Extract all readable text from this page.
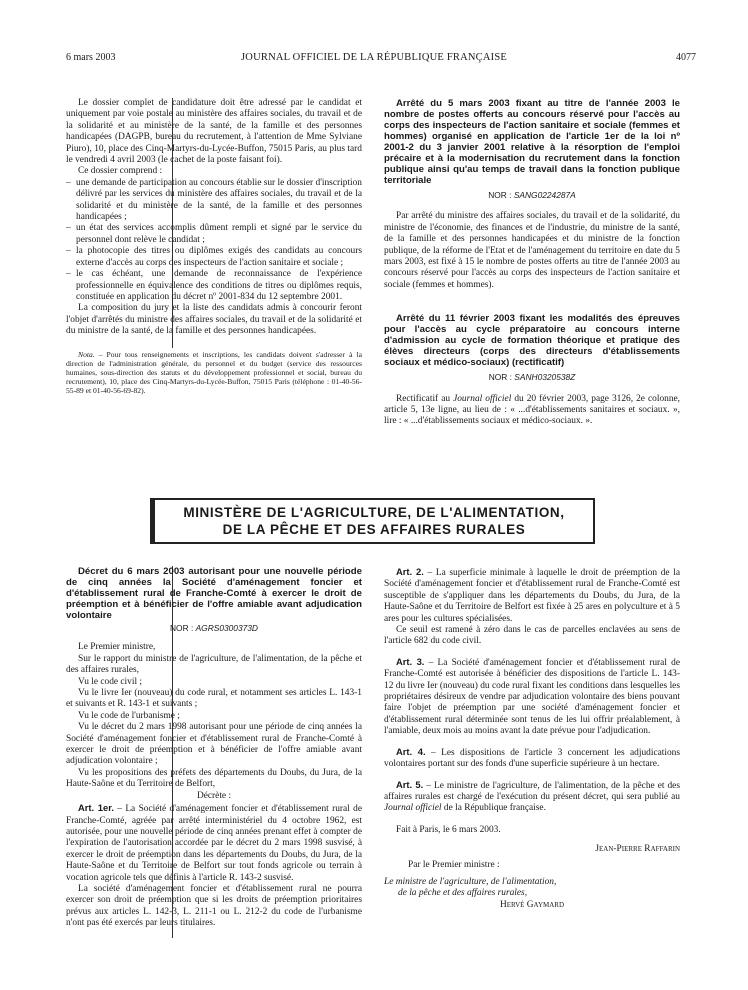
6 mars 2003	JOURNAL OFFICIEL DE LA RÉPUBLIQUE FRANÇAISE	4077

Le dossier complet de candidature doit être adressé par le candidat et uniquement par voie postale au ministère des affaires sociales, du travail et de la solidarité et au ministère de la santé, de la famille et des personnes handicapées (DAGPB, bureau du recrutement, à l'attention de Mme Sylviane Piuro), 10, place des Cinq-Martyrs-du-Lycée-Buffon, 75015 Paris, au plus tard le vendredi 4 avril 2003 (le cachet de la poste faisant foi).

Ce dossier comprend :

– une demande de participation au concours établie sur le dossier d'inscription délivré par les services du ministère des affaires sociales, du travail et de la solidarité et du ministère de la santé, de la famille et des personnes handicapées ;
– un état des services accomplis dûment rempli et signé par le service du personnel dont relève le candidat ;
– la photocopie des titres ou diplômes exigés des candidats au concours externe d'accès au corps des inspecteurs de l'action sanitaire et sociale ;
– le cas échéant, une demande de reconnaissance de l'expérience professionnelle en équivalence des conditions de titres ou diplômes requis, constituée en application du décret nº 2001-834 du 12 septembre 2001.

La composition du jury et la liste des candidats admis à concourir feront l'objet d'arrêtés du ministre des affaires sociales, du travail et de la solidarité et du ministre de la santé, de la famille et des personnes handicapées.

Nota. – Pour tous renseignements et inscriptions, les candidats doivent s'adresser à la direction de l'administration générale, du personnel et du budget (service des ressources humaines, sous-direction des statuts et du développement professionnel et social, bureau du recrutement), 10, place des Cinq-Martyrs-du-Lycée-Buffon, 75015 Paris (téléphone : 01-40-56-55-89 et 01-40-56-69-82).

Arrêté du 5 mars 2003 fixant au titre de l'année 2003 le nombre de postes offerts au concours réservé pour l'accès au corps des inspecteurs de l'action sanitaire et sociale (femmes et hommes) organisé en application de l'article 1er de la loi nº 2001-2 du 3 janvier 2001 relative à la résorption de l'emploi précaire et à la modernisation du recrutement dans la fonction publique ainsi qu'au temps de travail dans la fonction publique territoriale

NOR : SANG0224287A

Par arrêté du ministre des affaires sociales, du travail et de la solidarité, du ministre de l'économie, des finances et de l'industrie, du ministre de la santé, de la famille et des personnes handicapées et du ministre de la fonction publique, de la réforme de l'Etat et de l'aménagement du territoire en date du 5 mars 2003, est fixé à 15 le nombre de postes offerts au titre de l'année 2003 au concours réservé pour l'accès au corps des inspecteurs de l'action sanitaire et sociale (femmes et hommes).

Arrêté du 11 février 2003 fixant les modalités des épreuves pour l'accès au cycle préparatoire au concours interne d'admission au cycle de formation théorique et pratique des élèves directeurs (corps des directeurs d'établissements sociaux et médico-sociaux) (rectificatif)

NOR : SANH0320538Z

Rectificatif au Journal officiel du 20 février 2003, page 3126, 2e colonne, article 5, 13e ligne, au lieu de : « ...d'établissements sanitaires et sociaux. », lire : « ...d'établissements sociaux et médico-sociaux. ».

MINISTÈRE DE L'AGRICULTURE, DE L'ALIMENTATION,
DE LA PÊCHE ET DES AFFAIRES RURALES

Décret du 6 mars 2003 autorisant pour une nouvelle période de cinq années la Société d'aménagement foncier et d'établissement rural de Franche-Comté à exercer le droit de préemption et à bénéficier de l'offre amiable avant adjudication volontaire

NOR : AGRS0300373D

Le Premier ministre,

Sur le rapport du ministre de l'agriculture, de l'alimentation, de la pêche et des affaires rurales,

Vu le code civil ;

Vu le livre Ier (nouveau) du code rural, et notamment ses articles L. 143-1 et suivants et R. 143-1 et suivants ;

Vu le code de l'urbanisme ;

Vu le décret du 2 mars 1998 autorisant pour une période de cinq années la Société d'aménagement foncier et d'établissement rural de Franche-Comté à exercer le droit de préemption et à bénéficier de l'offre amiable avant adjudication volontaire ;

Vu les propositions des préfets des départements du Doubs, du Jura, de la Haute-Saône et du Territoire de Belfort,

Décrète :

Art. 1er. – La Société d'aménagement foncier et d'établissement rural de Franche-Comté, agréée par arrêté interministériel du 4 octobre 1962, est autorisée, pour une nouvelle période de cinq années prenant effet à compter de l'expiration de l'autorisation accordée par le décret du 2 mars 1998 susvisé, à exercer le droit de préemption dans les départements du Doubs, du Jura, de la Haute-Saône et du Territoire de Belfort sur tout fonds agricole ou terrain à vocation agricole tels que définis à l'article R. 143-2 susvisé.

La société d'aménagement foncier et d'établissement rural ne pourra exercer son droit de préemption que si les droits de préemption prioritaires prévus aux articles L. 142-3, L. 211-1 ou L. 212-2 du code de l'urbanisme n'ont pas été exercés par leurs titulaires.

Art. 2. – La superficie minimale à laquelle le droit de préemption de la Société d'aménagement foncier et d'établissement rural de Franche-Comté est susceptible de s'appliquer dans les départements du Doubs, du Jura, de la Haute-Saône et du Territoire de Belfort est fixée à 25 ares en polyculture et à 5 ares pour les cultures spécialisées.

Ce seuil est ramené à zéro dans le cas de parcelles enclavées au sens de l'article 682 du code civil.

Art. 3. – La Société d'aménagement foncier et d'établissement rural de Franche-Comté est autorisée à bénéficier des dispositions de l'article L. 143-12 du livre Ier (nouveau) du code rural fixant les conditions dans lesquelles les propriétaires désireux de vendre par adjudication volontaire des biens pouvant faire l'objet de préemption par une société d'aménagement foncier et d'établissement rural déterminée sont tenus de les lui offrir préalablement, à l'amiable, deux mois au moins avant la date prévue pour l'adjudication.

Art. 4. – Les dispositions de l'article 3 concernent les adjudications volontaires portant sur des fonds d'une superficie supérieure à un hectare.

Art. 5. – Le ministre de l'agriculture, de l'alimentation, de la pêche et des affaires rurales est chargé de l'exécution du présent décret, qui sera publié au Journal officiel de la République française.

Fait à Paris, le 6 mars 2003.

Jean-Pierre Raffarin

Par le Premier ministre :

Le ministre de l'agriculture, de l'alimentation,

de la pêche et des affaires rurales,

Hervé Gaymard
